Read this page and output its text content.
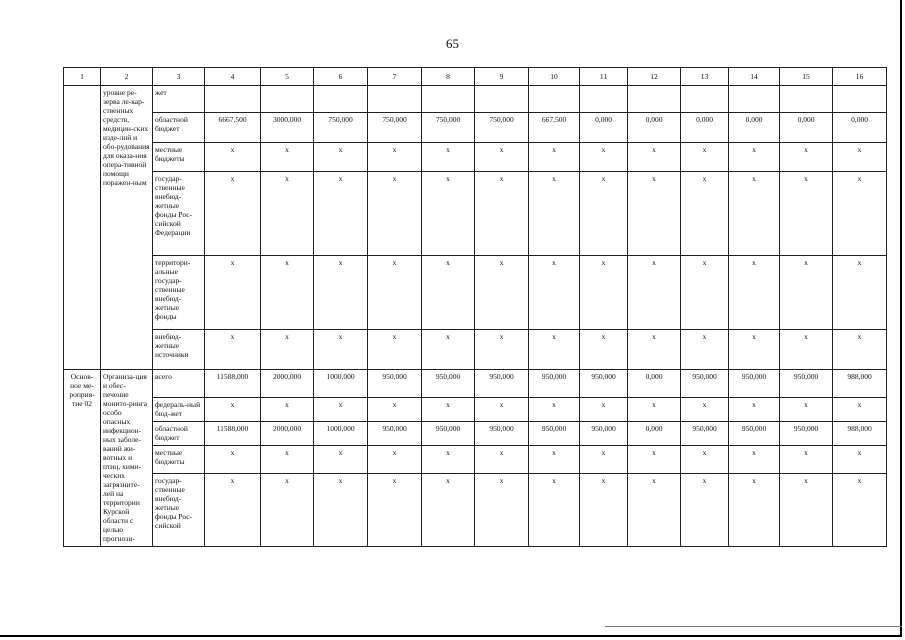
65
1	2	3	4	5	6	7	8	9	10	11	12	13	14	15	16
	уровне ре-зерва ле-кар-ственных средств, медицин-ских изде-лий и обо-рудования для оказа-ния опера-тивной помощи поражен-ным	жет													
		областной бюджет	6667,500	3000,000	750,000	750,000	750,000	750,000	667,500	0,000	0,000	0,000	0,000	0,000	0,000
		местные бюджеты	x	x	x	x	x	x	x	x	x	x	x	x	x
		государ-ственные внебюд-жетные фонды Рос-сийской Федерации	x	x	x	x	x	x	x	x	x	x	x	x	x
		территори-альные государ-ственные внебюд-жетные фонды	x	x	x	x	x	x	x	x	x	x	x	x	x
		внебюд-жетные источники	x	x	x	x	x	x	x	x	x	x	x	x	x
Основ-ное ме-роприя-тие 02	Организа-ция и обес-печение монито-ринга особо опасных инфекцион-ных заболе-ваний жи-вотных и птиц, хими-ческих загрязните-лей на территории Курской области с целью прогнози-	всего	11588,000	2000,000	1000,000	950,000	950,000	950,000	950,000	950,000	0,000	950,000	950,000	950,000	988,000
		федераль-ный бюд-жет	x	x	x	x	x	x	x	x	x	x	x	x	x
		областной бюджет	11588,000	2000,000	1000,000	950,000	950,000	950,000	950,000	950,000	0,000	950,000	950,000	950,000	988,000
		местные бюджеты	x	x	x	x	x	x	x	x	x	x	x	x	x
		государ-ственные внебюд-жетные фонды Рос-сийской	x	x	x	x	x	x	x	x	x	x	x	x	x
